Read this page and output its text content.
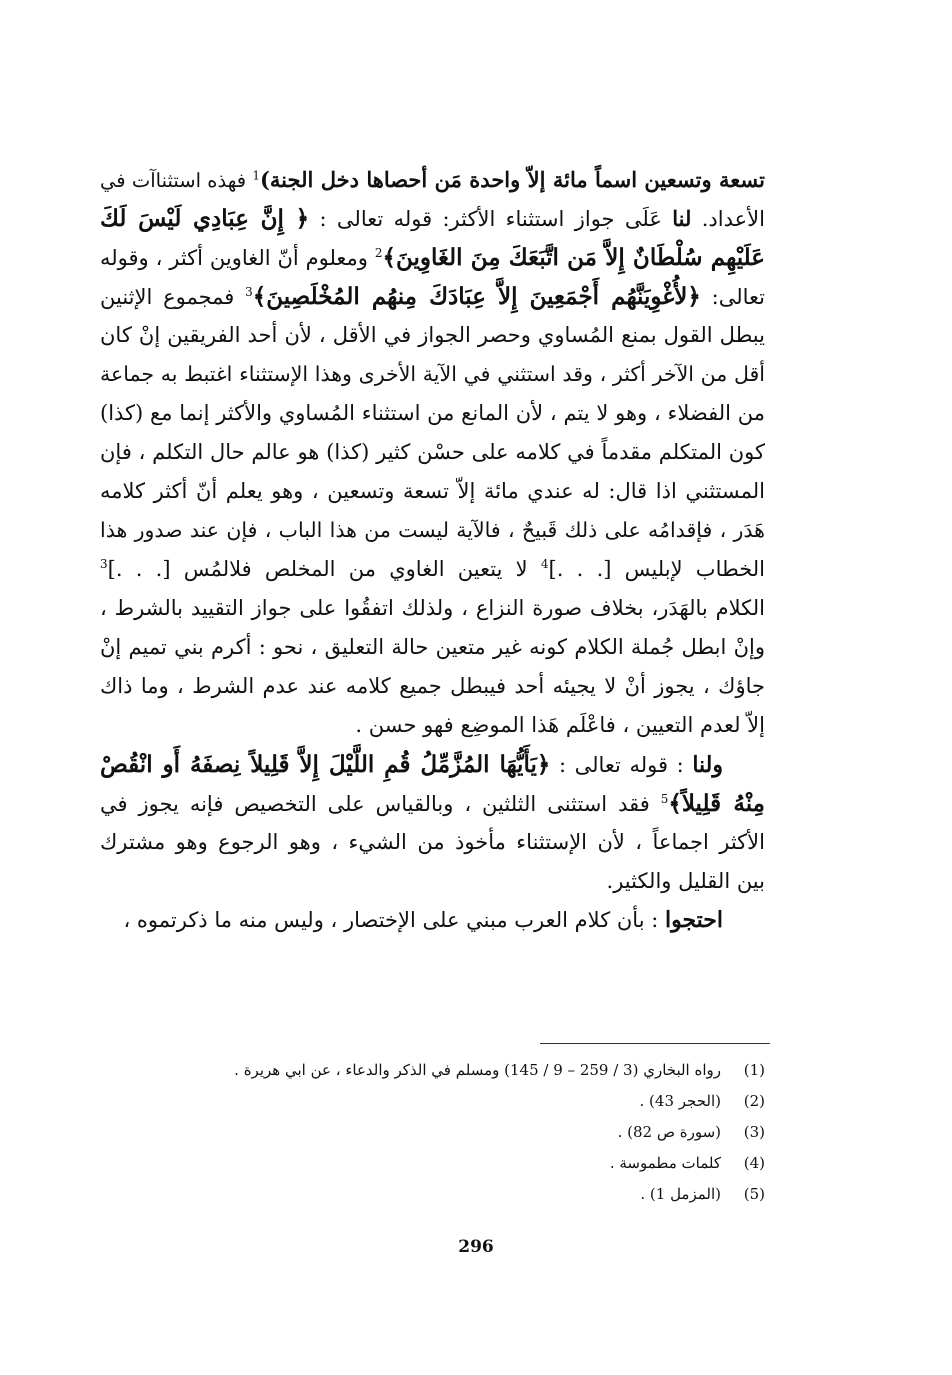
تسعة وتسعين اسماً مائة إلاّ واحدة مَن أحصاها دخل الجنة)$^1$ فهذه استثناآت في
الأعداد. لنا عَلَى جواز استثناء الأكثر: قوله تعالى : ﴿ إِنَّ عِبَادِي لَيْسَ لَكَ
عَلَيْهِم سُلْطَانٌ إِلاَّ مَن اتَّبَعَكَ مِنَ الغَاوِينَ﴾$^2$ ومعلوم أنّ الغاوين أكثر ، وقوله
تعالى: ﴿لأُغْوِيَنَّهُم أَجْمَعِينَ إِلاَّ عِبَادَكَ مِنهُم المُخْلَصِينَ﴾$^3$ فمجموع الإثنين
يبطل القول بمنع المُساوي وحصر الجواز في الأقل ، لأن أحد الفريقين إنْ كان
أقل من الآخر أكثر ، وقد استثني في الآية الأخرى وهذا الإستثناء اغتبط به جماعة
من الفضلاء ، وهو لا يتم ، لأن المانع من استثناء المُساوي والأكثر إنما مع (كذا)
كون المتكلم مقدماً في كلامه على حسْن كثير (كذا) هو عالم حال التكلم ، فإن
المستثني اذا قال: له عندي مائة إلاّ تسعة وتسعين ، وهو يعلم أنّ أكثر كلامه
هَدَر ، فإقدامُه على ذلك قَبيحٌ ، فالآية ليست من هذا الباب ، فإن عند صدور هذا
الخطاب لإبليس [. . .]$^4$ لا يتعين الغاوي من المخلص فلالمُس [. . .]$^3$
الكلام بالهَدَر، بخلاف صورة النزاع ، ولذلك اتفقُوا على جواز التقييد بالشرط ،
وإنْ ابطل جُملة الكلام كونه غير متعين حالة التعليق ، نحو : أكرم بني تميم إنْ
جاؤك ، يجوز أنْ لا يجيئه أحد فيبطل جميع كلامه عند عدم الشرط ، وما ذاك
إلاّ لعدم التعيين ، فاعْلَم هَذا الموضِع فهو حسن .
ولنا : قوله تعالى : ﴿يَأَيُّهَا المُزَّمِّلُ قُمِ اللَّيْلَ إِلاَّ قَلِيلاً نِصفَهُ أَو انْقُصْ
مِنْهُ قَلِيلاً﴾$^5$ فقد استثنى الثلثين ، وبالقياس على التخصيص فإنه يجوز في
الأكثر اجماعاً ، لأن الإستثناء مأخوذ من الشيء ، وهو الرجوع وهو مشترك
بين القليل والكثير.
احتجوا : بأن كلام العرب مبني على الإختصار ، وليس منه ما ذكرتموه ،
(1)رواه البخاري (3 / 259 – 9 / 145) ومسلم في الذكر والدعاء ، عن ابي هريرة .
(2)(الحجر 43) .
(3)(سورة ص 82) .
(4)كلمات مطموسة .
(5)(المزمل 1) .
296
